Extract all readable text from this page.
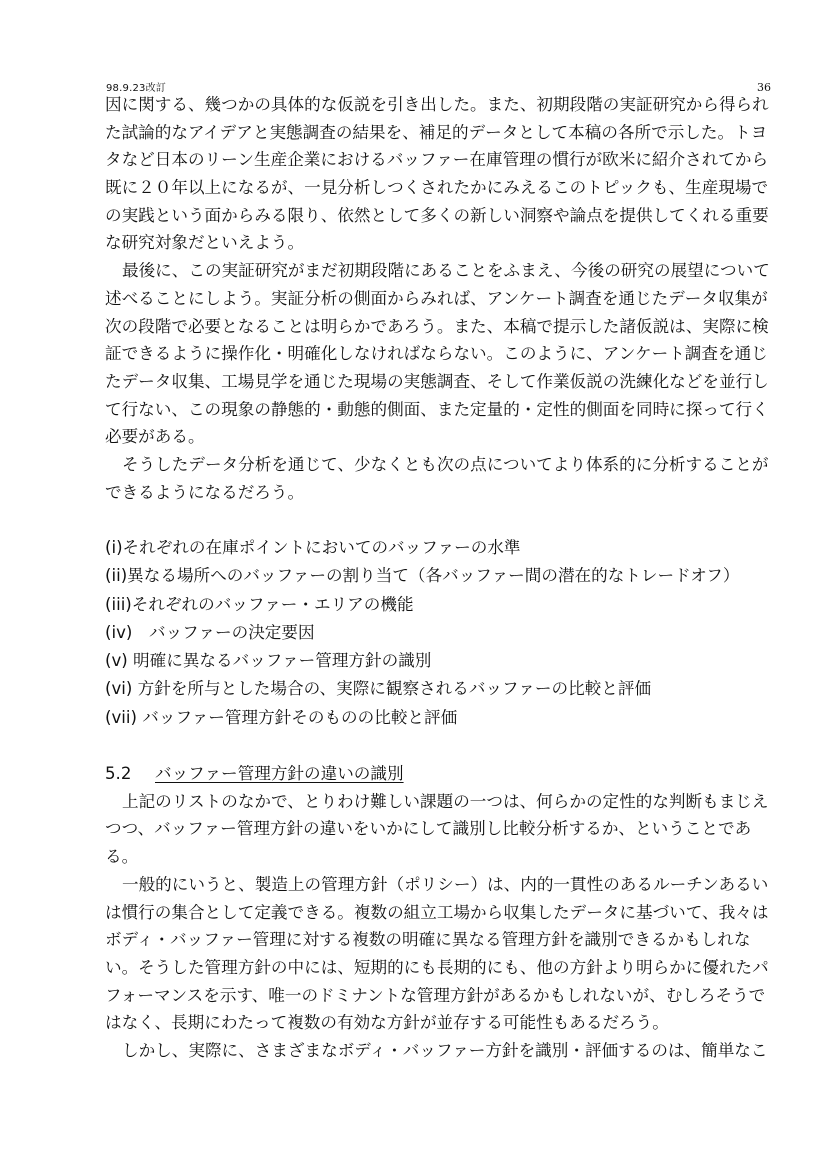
98.9.23改訂	36
因に関する、幾つかの具体的な仮説を引き出した。また、初期段階の実証研究から得られ
た試論的なアイデアと実態調査の結果を、補足的データとして本稿の各所で示した。トヨ
タなど日本のリーン生産企業におけるバッファー在庫管理の慣行が欧米に紹介されてから
既に２０年以上になるが、一見分析しつくされたかにみえるこのトピックも、生産現場で
の実践という面からみる限り、依然として多くの新しい洞察や論点を提供してくれる重要
な研究対象だといえよう。
最後に、この実証研究がまだ初期段階にあることをふまえ、今後の研究の展望について
述べることにしよう。実証分析の側面からみれば、アンケート調査を通じたデータ収集が
次の段階で必要となることは明らかであろう。また、本稿で提示した諸仮説は、実際に検
証できるように操作化・明確化しなければならない。このように、アンケート調査を通じ
たデータ収集、工場見学を通じた現場の実態調査、そして作業仮説の洗練化などを並行し
て行ない、この現象の静態的・動態的側面、また定量的・定性的側面を同時に探って行く
必要がある。
そうしたデータ分析を通じて、少なくとも次の点についてより体系的に分析することが
できるようになるだろう。
(i)それぞれの在庫ポイントにおいてのバッファーの水準
(ii)異なる場所へのバッファーの割り当て（各バッファー間の潜在的なトレードオフ）
(iii)それぞれのバッファー・エリアの機能
(iv)　バッファーの決定要因
(v) 明確に異なるバッファー管理方針の識別
(vi) 方針を所与とした場合の、実際に観察されるバッファーの比較と評価
(vii) バッファー管理方針そのものの比較と評価
5.2 バッファー管理方針の違いの識別
上記のリストのなかで、とりわけ難しい課題の一つは、何らかの定性的な判断もまじえ
つつ、バッファー管理方針の違いをいかにして識別し比較分析するか、ということであ
る。
一般的にいうと、製造上の管理方針（ポリシー）は、内的一貫性のあるルーチンあるい
は慣行の集合として定義できる。複数の組立工場から収集したデータに基づいて、我々は
ボディ・バッファー管理に対する複数の明確に異なる管理方針を識別できるかもしれな
い。そうした管理方針の中には、短期的にも長期的にも、他の方針より明らかに優れたパ
フォーマンスを示す、唯一のドミナントな管理方針があるかもしれないが、むしろそうで
はなく、長期にわたって複数の有効な方針が並存する可能性もあるだろう。
しかし、実際に、さまざまなボディ・バッファー方針を識別・評価するのは、簡単なこ
